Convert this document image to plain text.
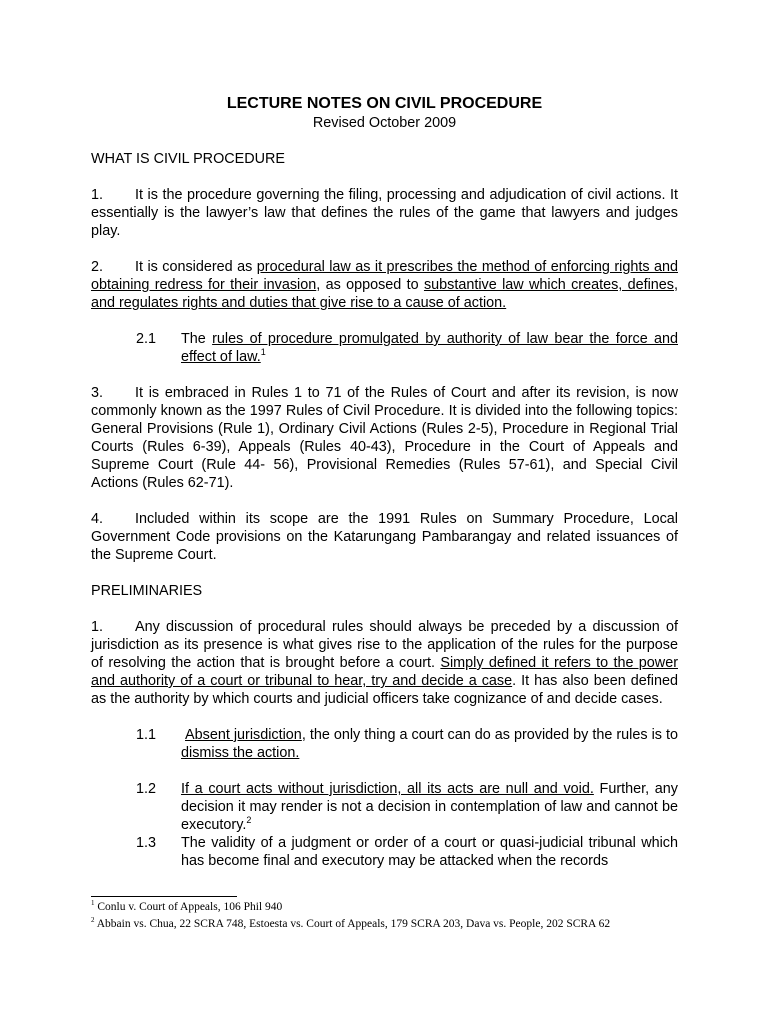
LECTURE NOTES ON CIVIL PROCEDURE
Revised October 2009
WHAT IS CIVIL PROCEDURE

1. It is the procedure governing the filing, processing and adjudication of civil actions. It essentially is the lawyer’s law that defines the rules of the game that lawyers and judges play.

2. It is considered as procedural law as it prescribes the method of enforcing rights and obtaining redress for their invasion, as opposed to substantive law which creates, defines, and regulates rights and duties that give rise to a cause of action.

2.1	The rules of procedure promulgated by authority of law bear the force and effect of law.$^1$

3. It is embraced in Rules 1 to 71 of the Rules of Court and after its revision, is now commonly known as the 1997 Rules of Civil Procedure. It is divided into the following topics: General Provisions (Rule 1), Ordinary Civil Actions (Rules 2-5), Procedure in Regional Trial Courts (Rules 6-39), Appeals (Rules 40-43), Procedure in the Court of Appeals and Supreme Court (Rule 44- 56), Provisional Remedies (Rules 57-61), and Special Civil Actions (Rules 62-71).

4. Included within its scope are the 1991 Rules on Summary Procedure, Local Government Code provisions on the Katarungang Pambarangay and related issuances of the Supreme Court.

PRELIMINARIES

1. Any discussion of procedural rules should always be preceded by a discussion of jurisdiction as its presence is what gives rise to the application of the rules for the purpose of resolving the action that is brought before a court. Simply defined it refers to the power and authority of a court or tribunal to hear, try and decide a case. It has also been defined as the authority by which courts and judicial officers take cognizance of and decide cases.

1.1	Absent jurisdiction, the only thing a court can do as provided by the rules is to dismiss the action.
1.2	If a court acts without jurisdiction, all its acts are null and void. Further, any decision it may render is not a decision in contemplation of law and cannot be executory.$^2$
1.3	The validity of a judgment or order of a court or quasi-judicial tribunal which has become final and executory may be attacked when the records
$^1$ Conlu v. Court of Appeals, 106 Phil 940
$^2$ Abbain vs. Chua, 22 SCRA 748, Estoesta vs. Court of Appeals, 179 SCRA 203, Dava vs. People, 202 SCRA 62
